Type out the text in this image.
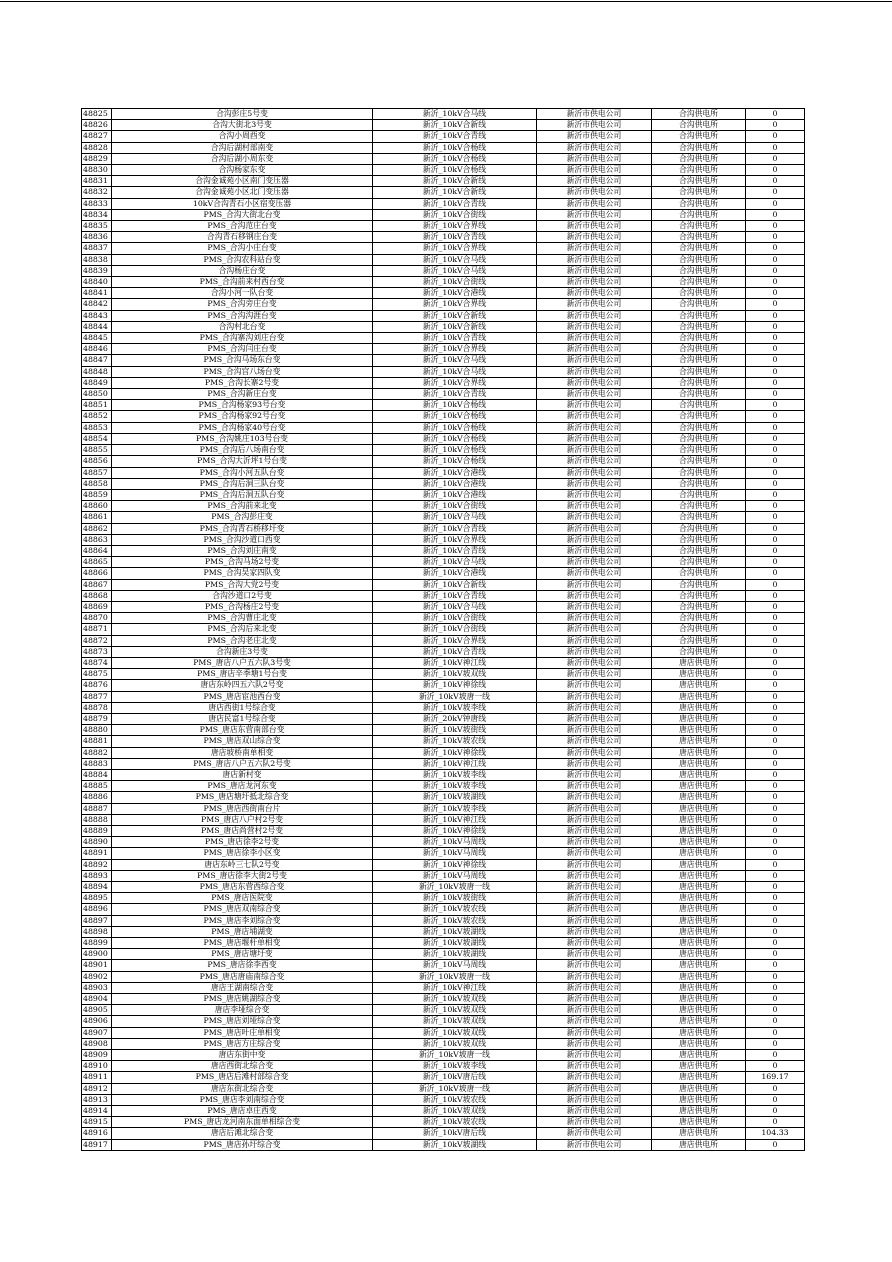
48825	合沟彭庄5号变	新沂_10kV合马线	新沂市供电公司	合沟供电所	0
48826	合沟大街北3号变	新沂_10kV合新线	新沂市供电公司	合沟供电所	0
48827	合沟小周酉变	新沂_10kV合青线	新沂市供电公司	合沟供电所	0
48828	合沟后湖村部南变	新沂_10kV合杨线	新沂市供电公司	合沟供电所	0
48829	合沟后湖小周东变	新沂_10kV合杨线	新沂市供电公司	合沟供电所	0
48830	合沟杨家东变	新沂_10kV合杨线	新沂市供电公司	合沟供电所	0
48831	合沟金诚苑小区南门变压器	新沂_10kV合新线	新沂市供电公司	合沟供电所	0
48832	合沟金诚苑小区北门变压器	新沂_10kV合新线	新沂市供电公司	合沟供电所	0
48833	10kV合沟青石小区宿变压器	新沂_10kV合青线	新沂市供电公司	合沟供电所	0
48834	PMS_合沟大街北台变	新沂_10kV合街线	新沂市供电公司	合沟供电所	0
48835	PMS_合沟范庄台变	新沂_10kV合界线	新沂市供电公司	合沟供电所	0
48836	合沟青石移钢庄台变	新沂_10kV合青线	新沂市供电公司	合沟供电所	0
48837	PMS_合沟小庄台变	新沂_10kV合界线	新沂市供电公司	合沟供电所	0
48838	PMS_合沟农科站台变	新沂_10kV合马线	新沂市供电公司	合沟供电所	0
48839	合沟杨庄台变	新沂_10kV合马线	新沂市供电公司	合沟供电所	0
48840	PMS_合沟前来村西台变	新沂_10kV合街线	新沂市供电公司	合沟供电所	0
48841	合沟小河一队台变	新沂_10kV合港线	新沂市供电公司	合沟供电所	0
48842	PMS_合沟旁庄台变	新沂_10kV合界线	新沂市供电公司	合沟供电所	0
48843	PMS_合沟沟涯台变	新沂_10kV合新线	新沂市供电公司	合沟供电所	0
48844	合沟村北台变	新沂_10kV合新线	新沂市供电公司	合沟供电所	0
48845	PMS_合沟寨沟刘庄台变	新沂_10kV合青线	新沂市供电公司	合沟供电所	0
48846	PMS_合沟闫庄台变	新沂_10kV合界线	新沂市供电公司	合沟供电所	0
48847	PMS_合沟马场东台变	新沂_10kV合马线	新沂市供电公司	合沟供电所	0
48848	PMS_合沟宫八场台变	新沂_10kV合马线	新沂市供电公司	合沟供电所	0
48849	PMS_合沟长寨2号变	新沂_10kV合界线	新沂市供电公司	合沟供电所	0
48850	PMS_合沟新庄台变	新沂_10kV合青线	新沂市供电公司	合沟供电所	0
48851	PMS_合沟杨家93号台变	新沂_10kV合杨线	新沂市供电公司	合沟供电所	0
48852	PMS_合沟杨家92号台变	新沂_10kV合杨线	新沂市供电公司	合沟供电所	0
48853	PMS_合沟杨家40号台变	新沂_10kV合杨线	新沂市供电公司	合沟供电所	0
48854	PMS_合沟姚庄103号台变	新沂_10kV合杨线	新沂市供电公司	合沟供电所	0
48855	PMS_合沟后八场南台变	新沂_10kV合杨线	新沂市供电公司	合沟供电所	0
48856	PMS_合沟大沂坪1号台变	新沂_10kV合杨线	新沂市供电公司	合沟供电所	0
48857	PMS_合沟小河五队台变	新沂_10kV合港线	新沂市供电公司	合沟供电所	0
48858	PMS_合沟后洞三队台变	新沂_10kV合港线	新沂市供电公司	合沟供电所	0
48859	PMS_合沟后洞五队台变	新沂_10kV合港线	新沂市供电公司	合沟供电所	0
48860	PMS_合沟前来北变	新沂_10kV合街线	新沂市供电公司	合沟供电所	0
48861	PMS_合沟彭庄变	新沂_10kV合马线	新沂市供电公司	合沟供电所	0
48862	PMS_合沟青石桥移圩变	新沂_10kV合青线	新沂市供电公司	合沟供电所	0
48863	PMS_合沟沙道口西变	新沂_10kV合界线	新沂市供电公司	合沟供电所	0
48864	PMS_合沟刘庄南变	新沂_10kV合青线	新沂市供电公司	合沟供电所	0
48865	PMS_合沟马场2号变	新沂_10kV合马线	新沂市供电公司	合沟供电所	0
48866	PMS_合沟吴家四队变	新沂_10kV合港线	新沂市供电公司	合沟供电所	0
48867	PMS_合沟大党2号变	新沂_10kV合新线	新沂市供电公司	合沟供电所	0
48868	合沟沙道口2号变	新沂_10kV合青线	新沂市供电公司	合沟供电所	0
48869	PMS_合沟杨庄2号变	新沂_10kV合马线	新沂市供电公司	合沟供电所	0
48870	PMS_合沟曹庄北变	新沂_10kV合街线	新沂市供电公司	合沟供电所	0
48871	PMS_合沟后来北变	新沂_10kV合街线	新沂市供电公司	合沟供电所	0
48872	PMS_合沟老庄北变	新沂_10kV合界线	新沂市供电公司	合沟供电所	0
48873	合沟新庄3号变	新沂_10kV合青线	新沂市供电公司	合沟供电所	0
48874	PMS_唐店八户五六队3号变	新沂_10kV神江线	新沂市供电公司	唐店供电所	0
48875	PMS_唐店辛季塘1号台变	新沂_10kV坡双线	新沂市供电公司	唐店供电所	0
48876	唐店东岭四五六队2号变	新沂_10kV神徐线	新沂市供电公司	唐店供电所	0
48877	PMS_唐店宦池西台变	新沂_10kV坡唐一线	新沂市供电公司	唐店供电所	0
48878	唐店西街1号综合变	新沂_10kV坡李线	新沂市供电公司	唐店供电所	0
48879	唐店民富1号综合变	新沂_20kV钟唐线	新沂市供电公司	唐店供电所	0
48880	PMS_唐店东营南部台变	新沂_10kV坡街线	新沂市供电公司	唐店供电所	0
48881	PMS_唐店双山综合变	新沂_10kV坡农线	新沂市供电公司	唐店供电所	0
48882	唐店坡桥南单相变	新沂_10kV神徐线	新沂市供电公司	唐店供电所	0
48883	PMS_唐店八户五六队2号变	新沂_10kV神江线	新沂市供电公司	唐店供电所	0
48884	唐店新村变	新沂_10kV坡李线	新沂市供电公司	唐店供电所	0
48885	PMS_唐店龙河东变	新沂_10kV坡李线	新沂市供电公司	唐店供电所	0
48886	PMS_唐店塘圩抵北综合变	新沂_10kV坡湖线	新沂市供电公司	唐店供电所	0
48887	PMS_唐店西街南台片	新沂_10kV坡李线	新沂市供电公司	唐店供电所	0
48888	PMS_唐店八户村2号变	新沂_10kV神江线	新沂市供电公司	唐店供电所	0
48889	PMS_唐店尚营村2号变	新沂_10kV神徐线	新沂市供电公司	唐店供电所	0
48890	PMS_唐店徐李2号变	新沂_10kV马周线	新沂市供电公司	唐店供电所	0
48891	PMS_唐店徐李小区变	新沂_10kV马周线	新沂市供电公司	唐店供电所	0
48892	唐店东岭三七队2号变	新沂_10kV神徐线	新沂市供电公司	唐店供电所	0
48893	PMS_唐店徐李大街2号变	新沂_10kV马周线	新沂市供电公司	唐店供电所	0
48894	PMS_唐店东营西综合变	新沂_10kV坡唐一线	新沂市供电公司	唐店供电所	0
48895	PMS_唐店医院变	新沂_10kV坡街线	新沂市供电公司	唐店供电所	0
48896	PMS_唐店双南综合变	新沂_10kV坡农线	新沂市供电公司	唐店供电所	0
48897	PMS_唐店李刘综合变	新沂_10kV坡农线	新沂市供电公司	唐店供电所	0
48898	PMS_唐店埔湖变	新沂_10kV坡湖线	新沂市供电公司	唐店供电所	0
48899	PMS_唐店堰杆单相变	新沂_10kV坡湖线	新沂市供电公司	唐店供电所	0
48900	PMS_唐店塘圩变	新沂_10kV坡湖线	新沂市供电公司	唐店供电所	0
48901	PMS_唐店徐李西变	新沂_10kV马周线	新沂市供电公司	唐店供电所	0
48902	PMS_唐店唐庙南综合变	新沂_10kV坡唐一线	新沂市供电公司	唐店供电所	0
48903	唐店王湖南综合变	新沂_10kV神江线	新沂市供电公司	唐店供电所	0
48904	PMS_唐店姚湖综合变	新沂_10kV坡双线	新沂市供电公司	唐店供电所	0
48905	唐店李垭综合变	新沂_10kV坡双线	新沂市供电公司	唐店供电所	0
48906	PMS_唐店刘垭综合变	新沂_10kV坡双线	新沂市供电公司	唐店供电所	0
48907	PMS_唐店叶庄单相变	新沂_10kV坡双线	新沂市供电公司	唐店供电所	0
48908	PMS_唐店方庄综合变	新沂_10kV坡双线	新沂市供电公司	唐店供电所	0
48909	唐店东街中变	新沂_10kV坡唐一线	新沂市供电公司	唐店供电所	0
48910	唐店西街北综合变	新沂_10kV坡李线	新沂市供电公司	唐店供电所	0
48911	PMS_唐店后滩村部综合变	新沂_10kV唐后线	新沂市供电公司	唐店供电所	169.17
48912	唐店东街北综合变	新沂_10kV坡唐一线	新沂市供电公司	唐店供电所	0
48913	PMS_唐店李刘南综合变	新沂_10kV坡农线	新沂市供电公司	唐店供电所	0
48914	PMS_唐店卓庄西变	新沂_10kV坡双线	新沂市供电公司	唐店供电所	0
48915	PMS_唐店龙河南东面单相综合变	新沂_10kV坡农线	新沂市供电公司	唐店供电所	0
48916	唐店后滩北综合变	新沂_10kV唐后线	新沂市供电公司	唐店供电所	104.33
48917	PMS_唐店孙圩综合变	新沂_10kV坡湖线	新沂市供电公司	唐店供电所	0
